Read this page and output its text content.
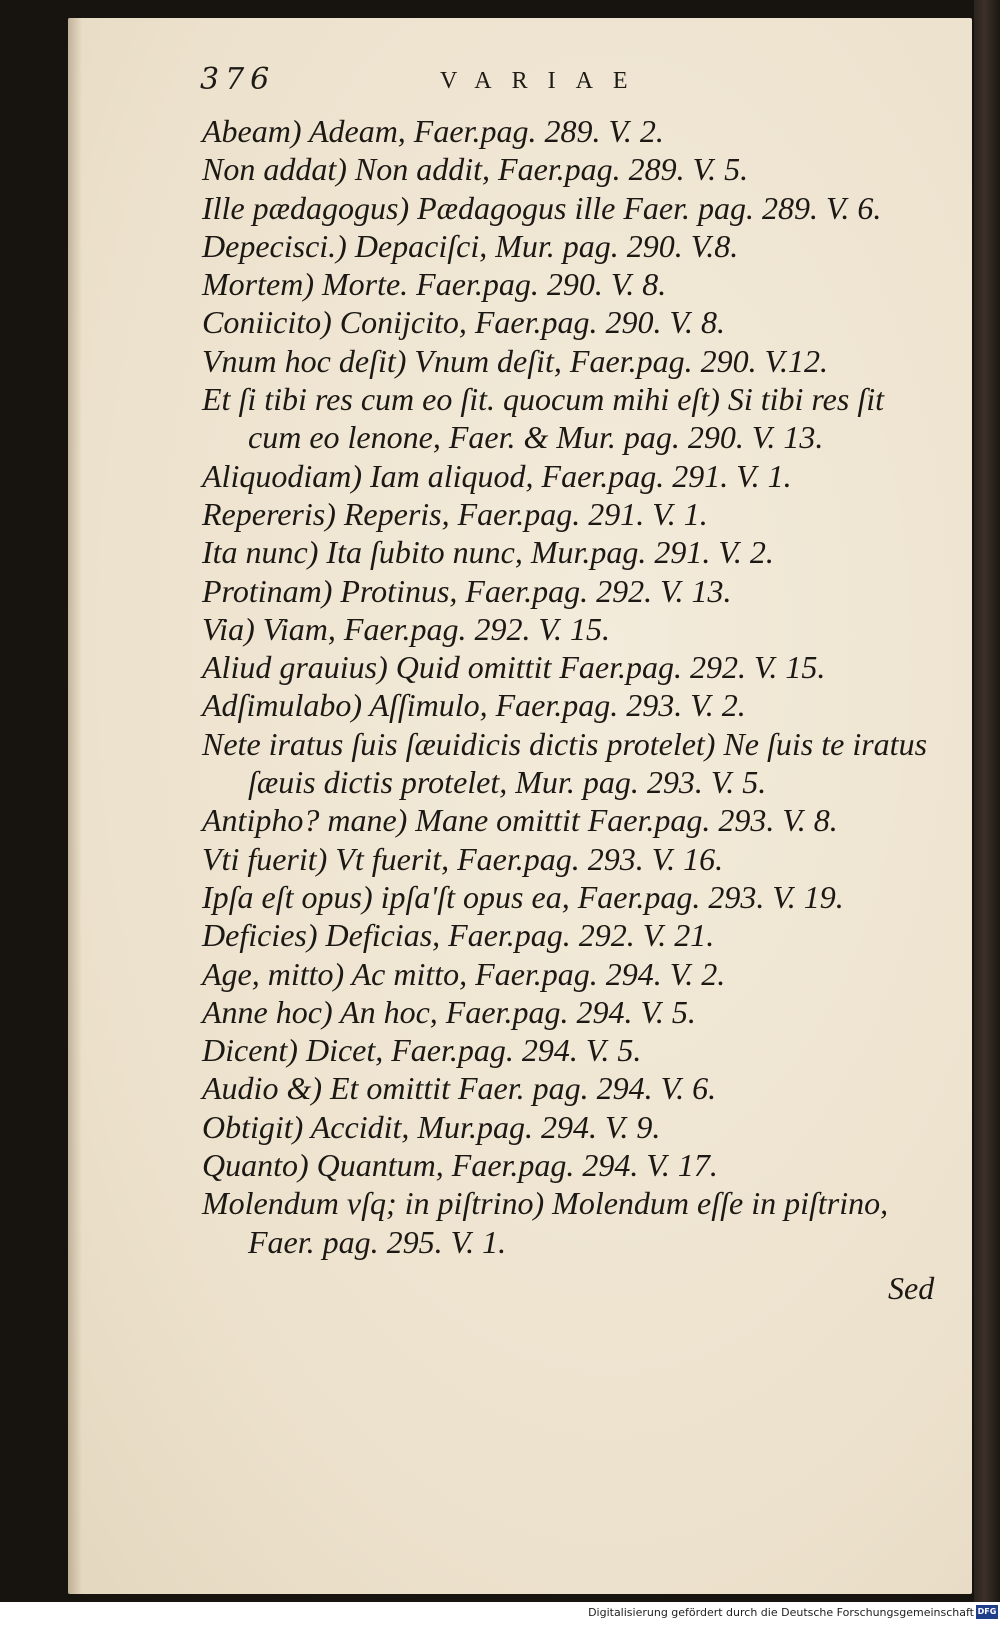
376	VARIAE
Abeam) Adeam, Faer.pag. 289. V. 2.
Non addat) Non addit, Faer.pag. 289. V. 5.
Ille pædagogus) Pædagogus ille Faer. pag. 289. V. 6.
Depecisci.) Depaciſci, Mur. pag. 290. V.8.
Mortem) Morte. Faer.pag. 290. V. 8.
Coniicito) Conijcito, Faer.pag. 290. V. 8.
Vnum hoc deſit) Vnum deſit, Faer.pag. 290. V.12.
Et ſi tibi res cum eo ſit. quocum mihi eſt) Si tibi res ſit
cum eo lenone, Faer. & Mur. pag. 290. V. 13.
Aliquodiam) Iam aliquod, Faer.pag. 291. V. 1.
Repereris) Reperis, Faer.pag. 291. V. 1.
Ita nunc) Ita ſubito nunc, Mur.pag. 291. V. 2.
Protinam) Protinus, Faer.pag. 292. V. 13.
Via) Viam, Faer.pag. 292. V. 15.
Aliud grauius) Quid omittit Faer.pag. 292. V. 15.
Adſimulabo) Aſſimulo, Faer.pag. 293. V. 2.
Nete iratus ſuis ſæuidicis dictis protelet) Ne ſuis te iratus
ſæuis dictis protelet, Mur. pag. 293. V. 5.
Antipho? mane) Mane omittit Faer.pag. 293. V. 8.
Vti fuerit) Vt fuerit, Faer.pag. 293. V. 16.
Ipſa eſt opus) ipſa'ſt opus ea, Faer.pag. 293. V. 19.
Deficies) Deficias, Faer.pag. 292. V. 21.
Age, mitto) Ac mitto, Faer.pag. 294. V. 2.
Anne hoc) An hoc, Faer.pag. 294. V. 5.
Dicent) Dicet, Faer.pag. 294. V. 5.
Audio &) Et omittit Faer. pag. 294. V. 6.
Obtigit) Accidit, Mur.pag. 294. V. 9.
Quanto) Quantum, Faer.pag. 294. V. 17.
Molendum vſq; in piſtrino) Molendum eſſe in piſtrino,
Faer. pag. 295. V. 1.
Sed
Digitalisierung gefördert durch die Deutsche Forschungsgemeinschaft DFG
